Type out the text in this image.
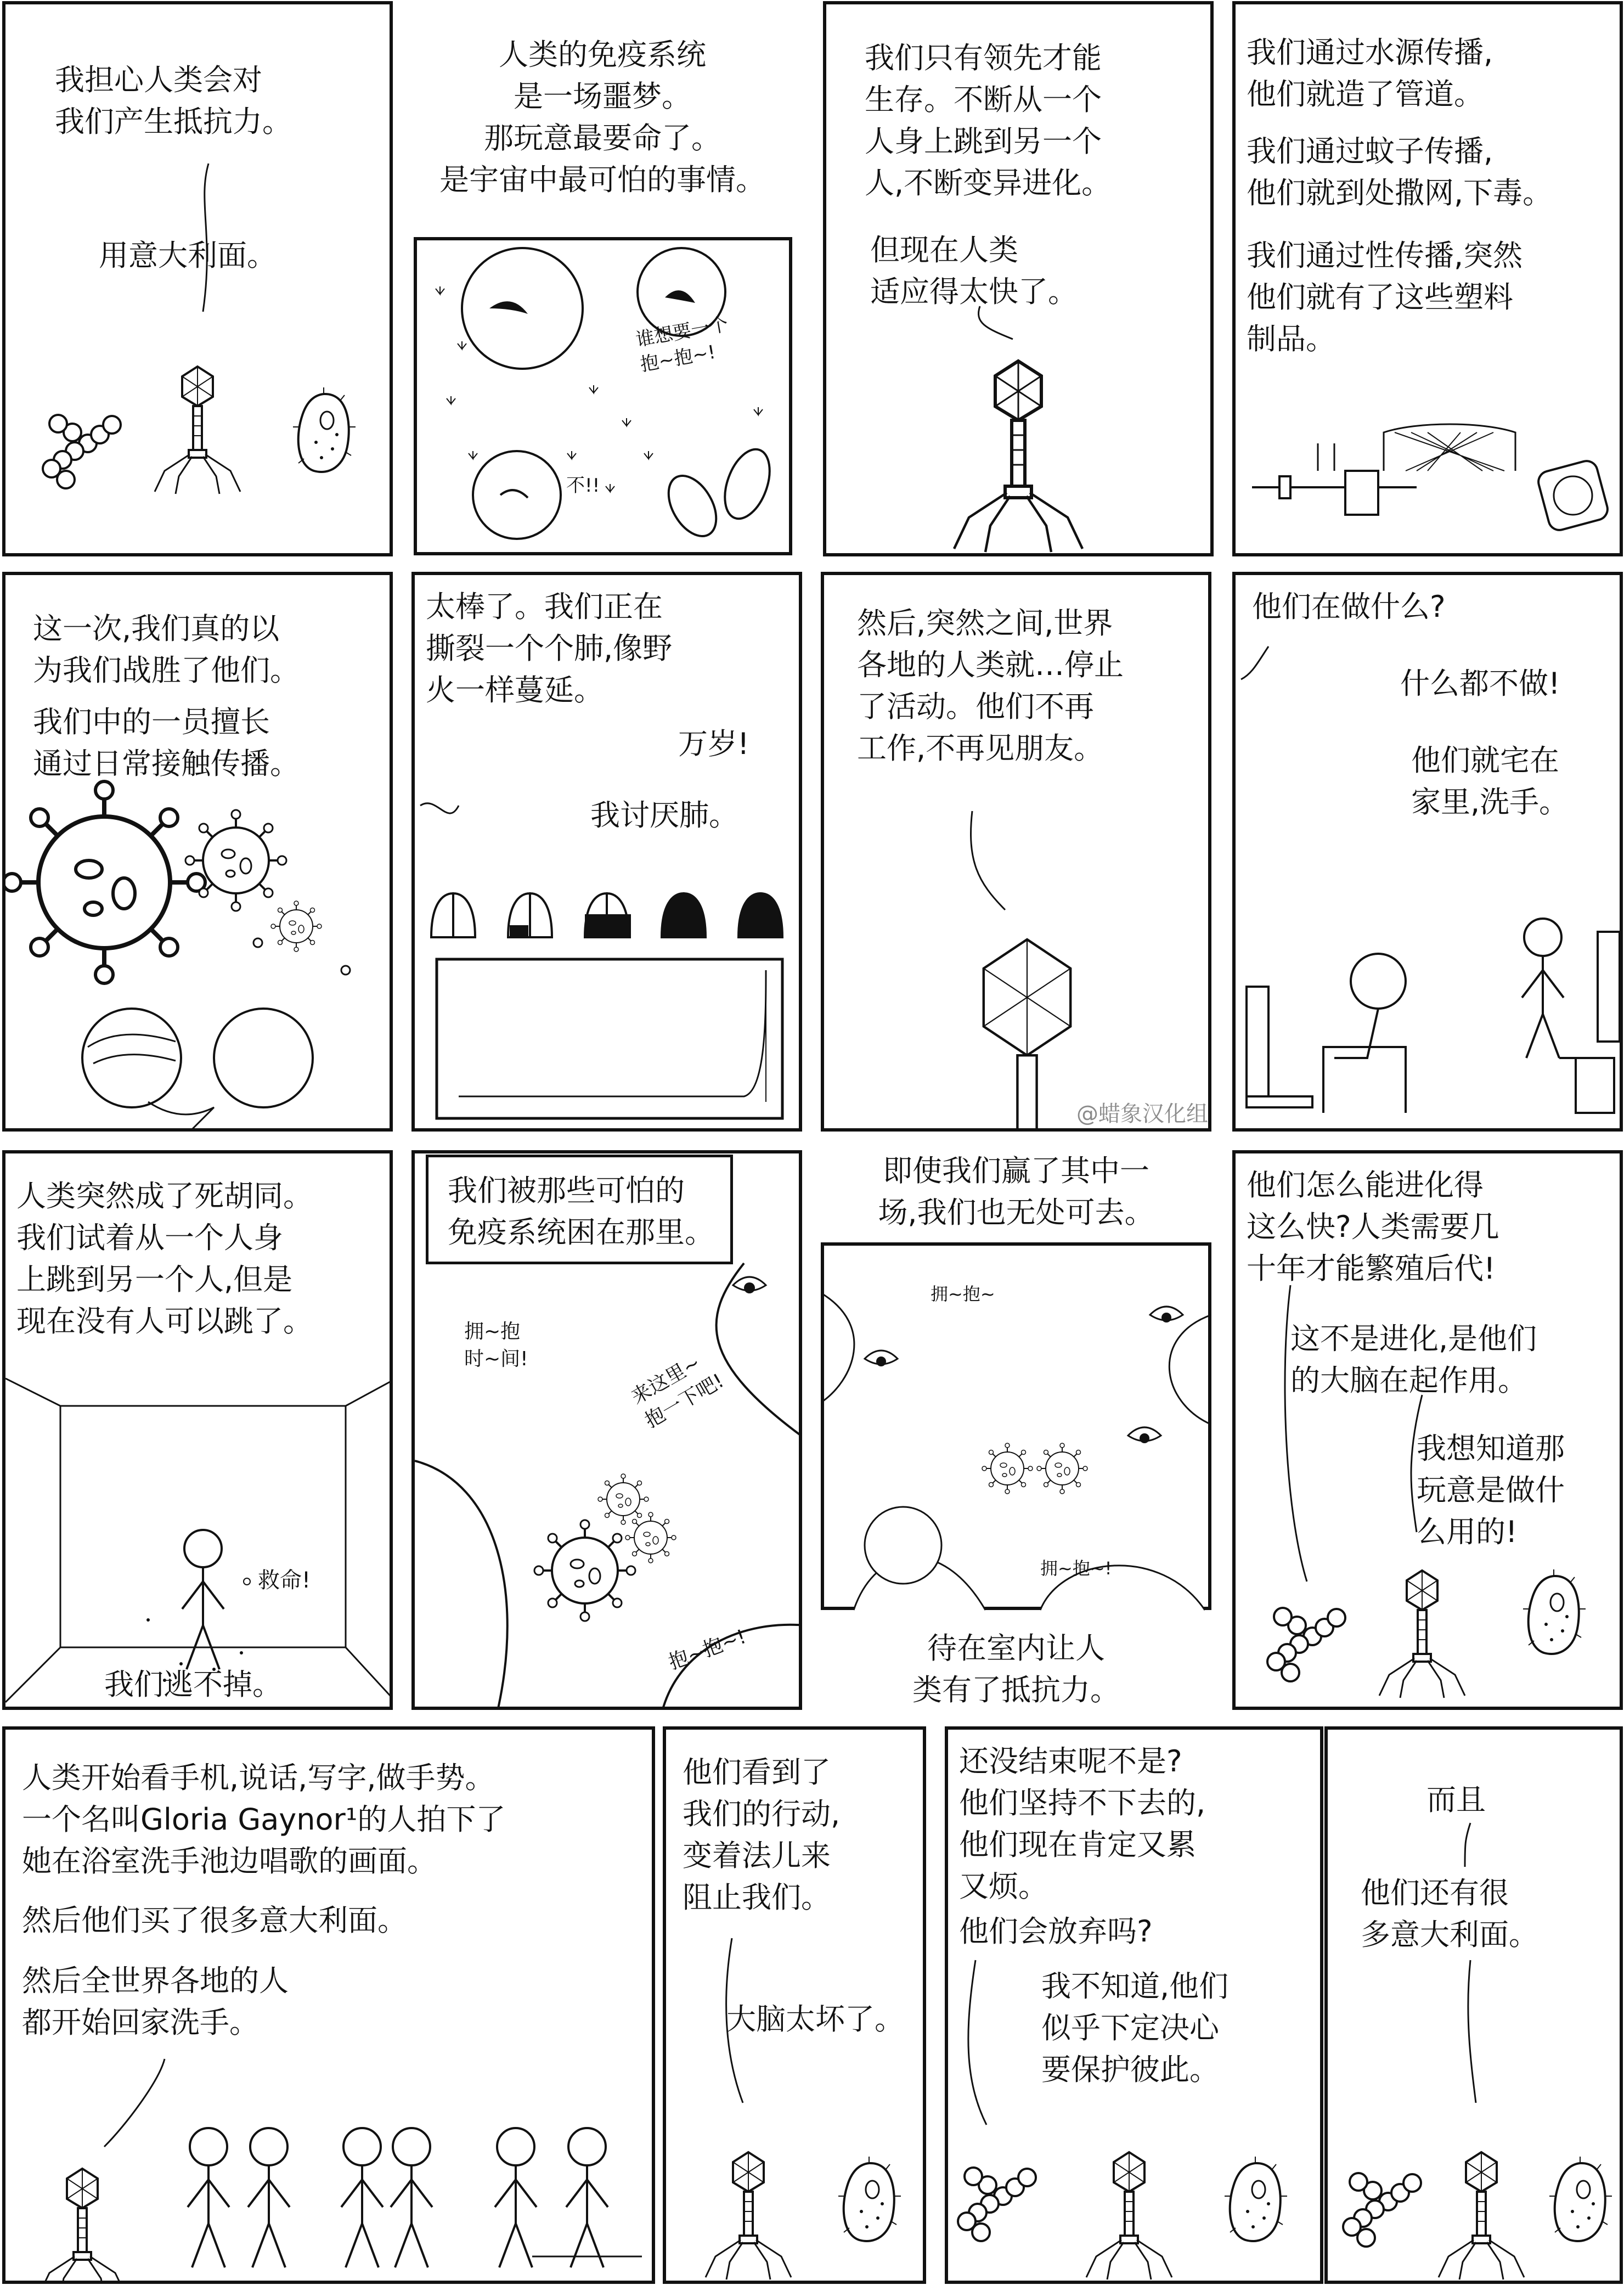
我担心人类会对
我们产生抵抗力。
用意大利面。
人类的免疫系统
是一场噩梦。
那玩意最要命了。
是宇宙中最可怕的事情。
谁想要一个
抱~抱~!
不!!
我们只有领先才能
生存。不断从一个
人身上跳到另一个
人,不断变异进化。
但现在人类
适应得太快了。
我们通过水源传播,
他们就造了管道。
我们通过蚊子传播,
他们就到处撒网,下毒。
我们通过性传播,突然
他们就有了这些塑料
制品。
这一次,我们真的以
为我们战胜了他们。
我们中的一员擅长
通过日常接触传播。
太棒了。我们正在
撕裂一个个肺,像野
火一样蔓延。
万岁!
我讨厌肺。
然后,突然之间,世界
各地的人类就…停止
了活动。他们不再
工作,不再见朋友。
@蜡象汉化组
他们在做什么?
什么都不做!
他们就宅在
家里,洗手。
人类突然成了死胡同。
我们试着从一个人身
上跳到另一个人,但是
现在没有人可以跳了。
救命!
我们逃不掉。
我们被那些可怕的
免疫系统困在那里。
拥~抱
时~间!	来这里~
抱一下吧!
抱~抱~!
即使我们赢了其中一
场,我们也无处可去。
拥~抱~
拥~抱~!
待在室内让人
类有了抵抗力。
他们怎么能进化得
这么快?人类需要几
十年才能繁殖后代!
这不是进化,是他们
的大脑在起作用。
我想知道那
玩意是做什
么用的!
人类开始看手机,说话,写字,做手势。
一个名叫Gloria Gaynor¹的人拍下了
她在浴室洗手池边唱歌的画面。
然后他们买了很多意大利面。
然后全世界各地的人
都开始回家洗手。
他们看到了
我们的行动,
变着法儿来
阻止我们。
大脑太坏了。
还没结束呢不是?
他们坚持不下去的,
他们现在肯定又累
又烦。
他们会放弃吗?
我不知道,他们
似乎下定决心
要保护彼此。
而且
他们还有很
多意大利面。
